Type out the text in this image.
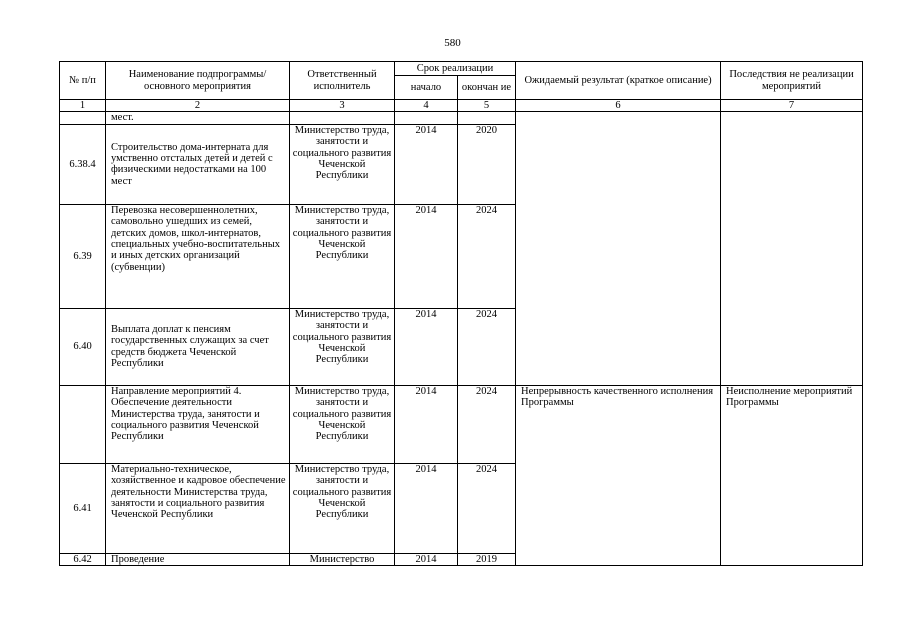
580
№ п/п	Наименование подпрограммы/ основного мероприятия	Ответственный исполнитель	Срок реализации		Ожидаемый результат (краткое описание)	Последствия не реализации мероприятий
			начало	окончан ие		
1	2	3	4	5	6	7
	мест.					
6.38.4	Строительство дома-интерната для умственно отсталых детей и детей с физическими недостатками на 100 мест	Министерство труда, занятости и социального развития Чеченской Республики	2014	2020		
6.39	Перевозка несовершеннолетних, самовольно ушедших из семей, детских домов, школ-интернатов, специальных учебно-воспитательных и иных детских организаций (субвенции)	Министерство труда, занятости и социального развития Чеченской Республики	2014	2024		
6.40	Выплата доплат к пенсиям государственных служащих за счет средств бюджета Чеченской Республики	Министерство труда, занятости и социального развития Чеченской Республики	2014	2024		
	Направление мероприятий 4. Обеспечение деятельности Министерства труда, занятости и социального развития Чеченской Республики	Министерство труда, занятости и социального развития Чеченской Республики	2014	2024	Непрерывность качественного исполнения Программы	Неисполнение мероприятий Программы
6.41	Материально-техническое, хозяйственное и кадровое обеспечение деятельности Министерства труда, занятости и социального развития Чеченской Республики	Министерство труда, занятости и социального развития Чеченской Республики	2014	2024		
6.42	Проведение	Министерство	2014	2019		
